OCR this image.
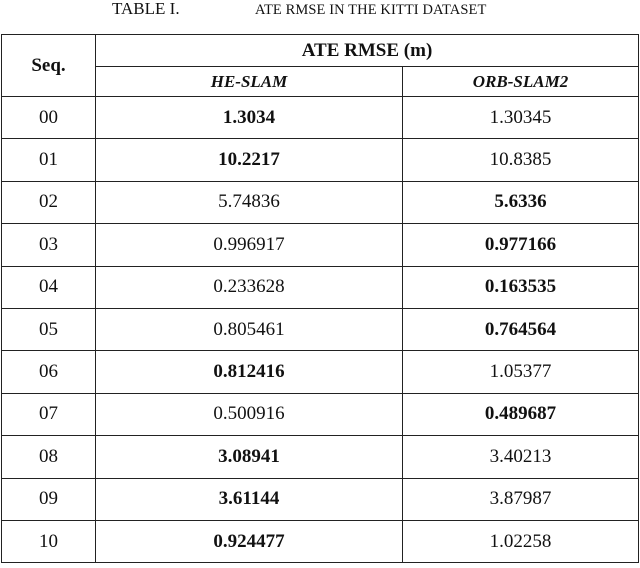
TABLE I.	ATE RMSE IN THE KITTI DATASET
Seq.	ATE RMSE (m)	
	HE-SLAM	ORB-SLAM2
00	1.3034	1.30345
01	10.2217	10.8385
02	5.74836	5.6336
03	0.996917	0.977166
04	0.233628	0.163535
05	0.805461	0.764564
06	0.812416	1.05377
07	0.500916	0.489687
08	3.08941	3.40213
09	3.61144	3.87987
10	0.924477	1.02258
